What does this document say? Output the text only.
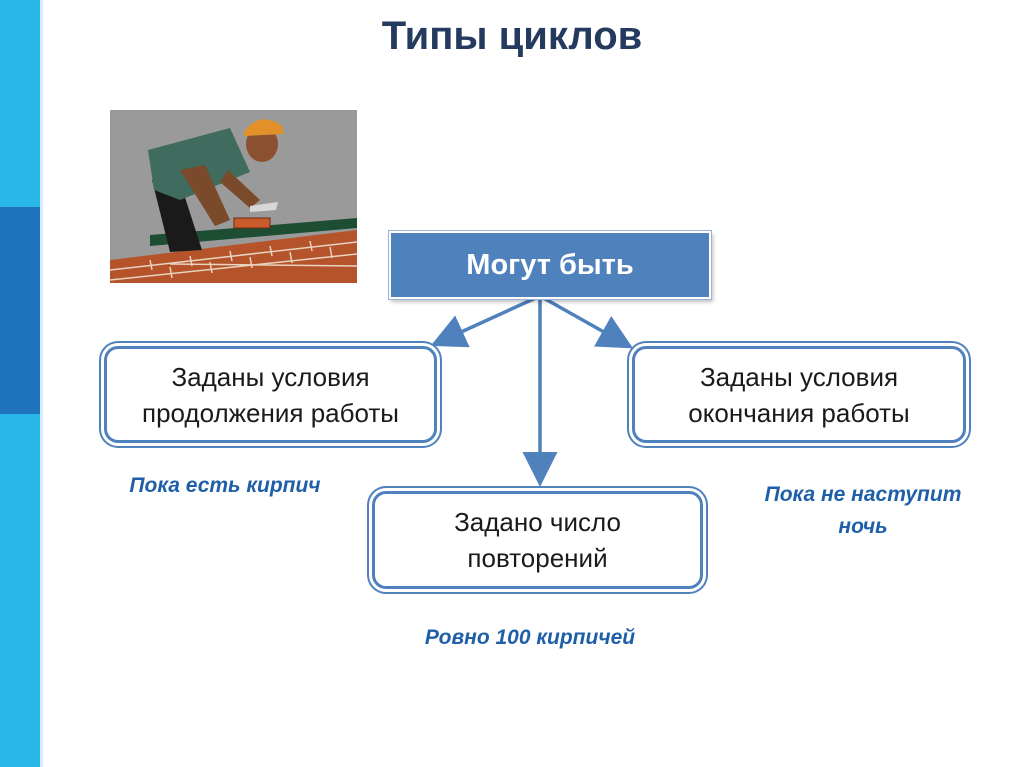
Типы циклов
Могут быть
Заданы условия
продолжения работы
Заданы условия
окончания работы
Задано число
повторений
Пока есть кирпич	Пока не наступит
ночь
Ровно 100 кирпичей
